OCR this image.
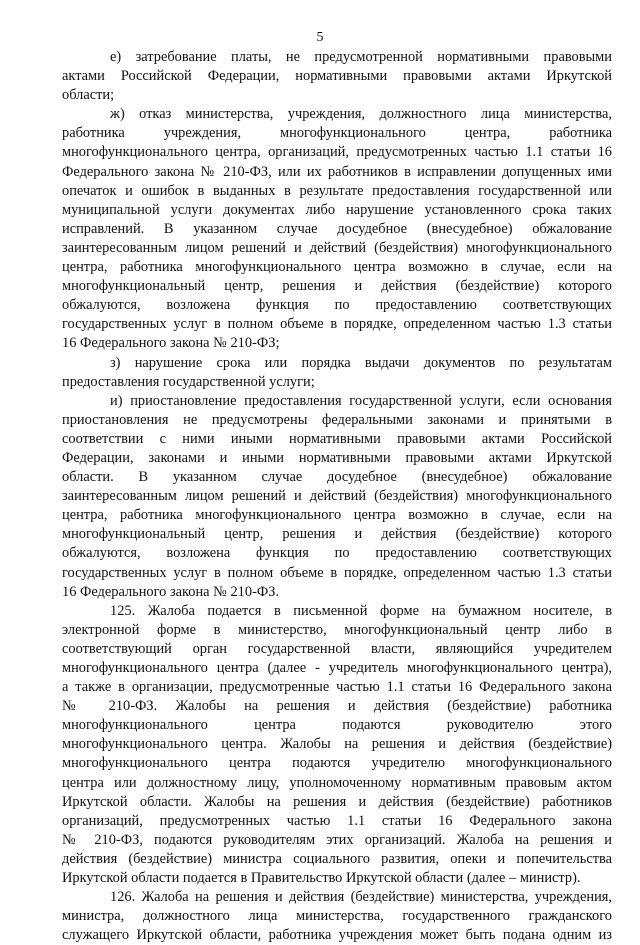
5
е) затребование платы, не предусмотренной нормативными правовыми
актами Российской Федерации, нормативными правовыми актами Иркутской
области;
ж) отказ министерства, учреждения, должностного лица министерства,
работника учреждения, многофункционального центра, работника
многофункционального центра, организаций, предусмотренных частью 1.1 статьи 16
Федерального закона № 210-ФЗ, или их работников в исправлении допущенных ими
опечаток и ошибок в выданных в результате предоставления государственной или
муниципальной услуги документах либо нарушение установленного срока таких
исправлений. В указанном случае досудебное (внесудебное) обжалование
заинтересованным лицом решений и действий (бездействия) многофункционального
центра, работника многофункционального центра возможно в случае, если на
многофункциональный центр, решения и действия (бездействие) которого
обжалуются, возложена функция по предоставлению соответствующих
государственных услуг в полном объеме в порядке, определенном частью 1.3 статьи
16 Федерального закона № 210-ФЗ;
з) нарушение срока или порядка выдачи документов по результатам
предоставления государственной услуги;
и) приостановление предоставления государственной услуги, если основания
приостановления не предусмотрены федеральными законами и принятыми в
соответствии с ними иными нормативными правовыми актами Российской
Федерации, законами и иными нормативными правовыми актами Иркутской
области. В указанном случае досудебное (внесудебное) обжалование
заинтересованным лицом решений и действий (бездействия) многофункционального
центра, работника многофункционального центра возможно в случае, если на
многофункциональный центр, решения и действия (бездействие) которого
обжалуются, возложена функция по предоставлению соответствующих
государственных услуг в полном объеме в порядке, определенном частью 1.3 статьи
16 Федерального закона № 210-ФЗ.
125. Жалоба подается в письменной форме на бумажном носителе, в
электронной форме в министерство, многофункциональный центр либо в
соответствующий орган государственной власти, являющийся учредителем
многофункционального центра (далее - учредитель многофункционального центра),
а также в организации, предусмотренные частью 1.1 статьи 16 Федерального закона
№ 210-ФЗ. Жалобы на решения и действия (бездействие) работника
многофункционального центра подаются руководителю этого
многофункционального центра. Жалобы на решения и действия (бездействие)
многофункционального центра подаются учредителю многофункционального
центра или должностному лицу, уполномоченному нормативным правовым актом
Иркутской области. Жалобы на решения и действия (бездействие) работников
организаций, предусмотренных частью 1.1 статьи 16 Федерального закона
№ 210-ФЗ, подаются руководителям этих организаций. Жалоба на решения и
действия (бездействие) министра социального развития, опеки и попечительства
Иркутской области подается в Правительство Иркутской области (далее – министр).
126. Жалоба на решения и действия (бездействие) министерства, учреждения,
министра, должностного лица министерства, государственного гражданского
служащего Иркутской области, работника учреждения может быть подана одним из
